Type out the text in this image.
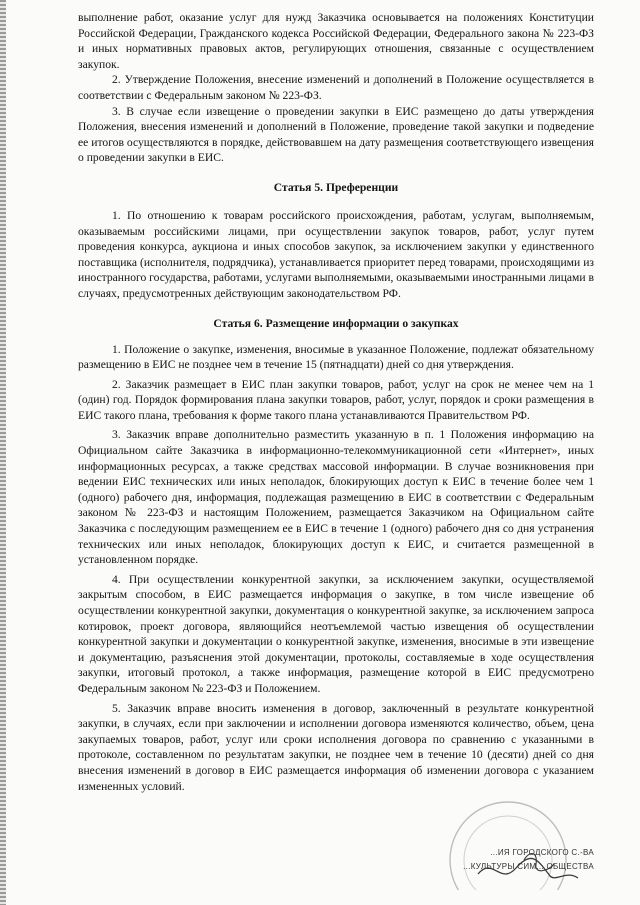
выполнение работ, оказание услуг для нужд Заказчика основывается на положениях Конституции Российской Федерации, Гражданского кодекса Российской Федерации, Федерального закона № 223-ФЗ и иных нормативных правовых актов, регулирующих отношения, связанные с осуществлением закупок.

2. Утверждение Положения, внесение изменений и дополнений в Положение осуществляется в соответствии с Федеральным законом № 223-ФЗ.

3. В случае если извещение о проведении закупки в ЕИС размещено до даты утверждения Положения, внесения изменений и дополнений в Положение, проведение такой закупки и подведение ее итогов осуществляются в порядке, действовавшем на дату размещения соответствующего извещения о проведении закупки в ЕИС.

Статья 5. Преференции

1. По отношению к товарам российского происхождения, работам, услугам, выполняемым, оказываемым российскими лицами, при осуществлении закупок товаров, работ, услуг путем проведения конкурса, аукциона и иных способов закупок, за исключением закупки у единственного поставщика (исполнителя, подрядчика), устанавливается приоритет перед товарами, происходящими из иностранного государства, работами, услугами выполняемыми, оказываемыми иностранными лицами в случаях, предусмотренных действующим законодательством РФ.

Статья 6. Размещение информации о закупках

1. Положение о закупке, изменения, вносимые в указанное Положение, подлежат обязательному размещению в ЕИС не позднее чем в течение 15 (пятнадцати) дней со дня утверждения.

2. Заказчик размещает в ЕИС план закупки товаров, работ, услуг на срок не менее чем на 1 (один) год. Порядок формирования плана закупки товаров, работ, услуг, порядок и сроки размещения в ЕИС такого плана, требования к форме такого плана устанавливаются Правительством РФ.

3. Заказчик вправе дополнительно разместить указанную в п. 1 Положения информацию на Официальном сайте Заказчика в информационно-телекоммуникационной сети «Интернет», иных информационных ресурсах, а также средствах массовой информации. В случае возникновения при ведении ЕИС технических или иных неполадок, блокирующих доступ к ЕИС в течение более чем 1 (одного) рабочего дня, информация, подлежащая размещению в ЕИС в соответствии с Федеральным законом № 223-ФЗ и настоящим Положением, размещается Заказчиком на Официальном сайте Заказчика с последующим размещением ее в ЕИС в течение 1 (одного) рабочего дня со дня устранения технических или иных неполадок, блокирующих доступ к ЕИС, и считается размещенной в установленном порядке.

4. При осуществлении конкурентной закупки, за исключением закупки, осуществляемой закрытым способом, в ЕИС размещается информация о закупке, в том числе извещение об осуществлении конкурентной закупки, документация о конкурентной закупке, за исключением запроса котировок, проект договора, являющийся неотъемлемой частью извещения об осуществлении конкурентной закупки и документации о конкурентной закупке, изменения, вносимые в эти извещение и документацию, разъяснения этой документации, протоколы, составляемые в ходе осуществления закупки, итоговый протокол, а также информация, размещение которой в ЕИС предусмотрено Федеральным законом № 223-ФЗ и Положением.

5. Заказчик вправе вносить изменения в договор, заключенный в результате конкурентной закупки, в случаях, если при заключении и исполнении договора изменяются количество, объем, цена закупаемых товаров, работ, услуг или сроки исполнения договора по сравнению с указанными в протоколе, составленном по результатам закупки, не позднее чем в течение 10 (десяти) дней со дня внесения изменений в договор в ЕИС размещается информация об изменении договора с указанием измененных условий.

...ИЯ ГОРОДСКОГО С.-ВА
...КУЛЬТУРЫ СИМ... ОБЩЕСТВА
